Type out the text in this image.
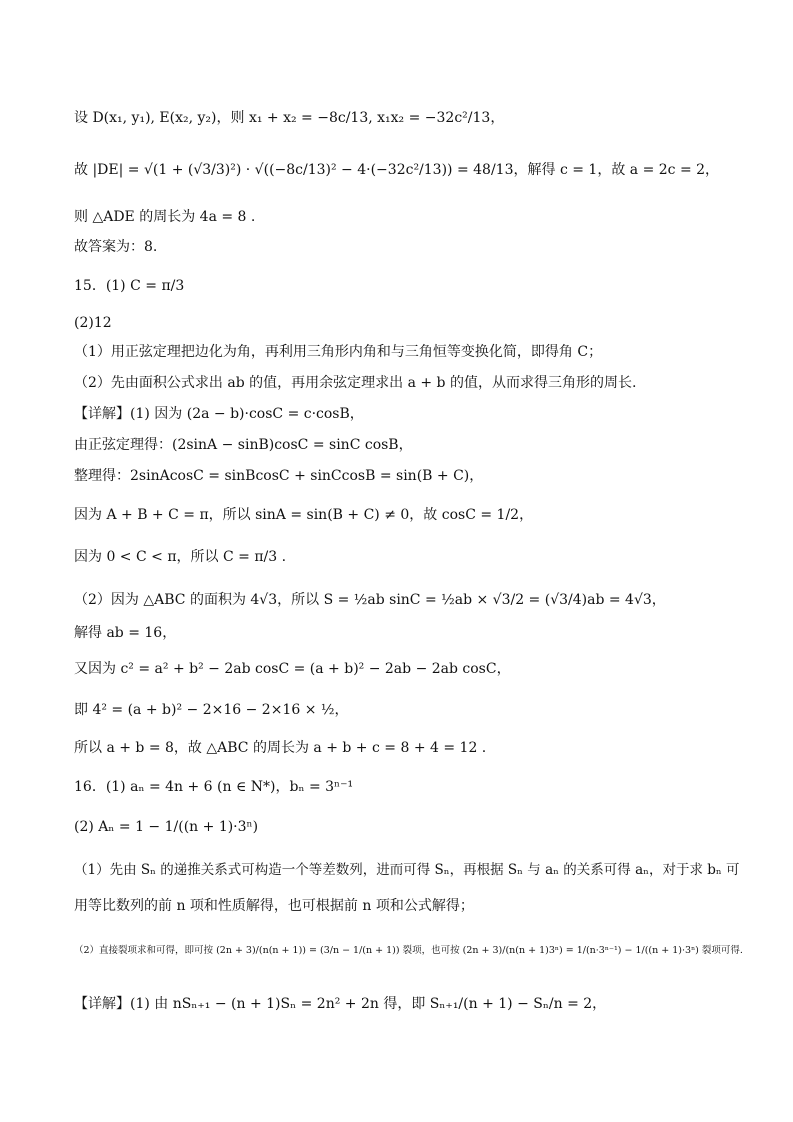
设 D(x₁, y₁), E(x₂, y₂)，则 x₁ + x₂ = −8c/13, x₁x₂ = −32c²/13，
故 |DE| = √(1 + (√3/3)²) · √((−8c/13)² − 4·(−32c²/13)) = 48/13，解得 c = 1，故 a = 2c = 2，
则 △ADE 的周长为 4a = 8 .
故答案为：8.
15．(1) C = π/3
(2)12
（1）用正弦定理把边化为角，再利用三角形内角和与三角恒等变换化简，即得角 C；
（2）先由面积公式求出 ab 的值，再用余弦定理求出 a + b 的值，从而求得三角形的周长.
【详解】(1) 因为 (2a − b)·cosC = c·cosB，
由正弦定理得：(2sinA − sinB)cosC = sinC cosB，
整理得：2sinAcosC = sinBcosC + sinCcosB = sin(B + C)，
因为 A + B + C = π，所以 sinA = sin(B + C) ≠ 0，故 cosC = 1/2，
因为 0 < C < π，所以 C = π/3 .
（2）因为 △ABC 的面积为 4√3，所以 S = ½ab sinC = ½ab × √3/2 = (√3/4)ab = 4√3，
解得 ab = 16，
又因为 c² = a² + b² − 2ab cosC = (a + b)² − 2ab − 2ab cosC，
即 4² = (a + b)² − 2×16 − 2×16 × ½，
所以 a + b = 8，故 △ABC 的周长为 a + b + c = 8 + 4 = 12 .
16．(1) aₙ = 4n + 6 (n ∈ N*)，bₙ = 3ⁿ⁻¹
(2) Aₙ = 1 − 1/((n + 1)·3ⁿ)
（1）先由 Sₙ 的递推关系式可构造一个等差数列，进而可得 Sₙ，再根据 Sₙ 与 aₙ 的关系可得 aₙ，对于求 bₙ 可
用等比数列的前 n 项和性质解得，也可根据前 n 项和公式解得；
（2）直接裂项求和可得，即可按 (2n + 3)/(n(n + 1)) = (3/n − 1/(n + 1)) 裂项，也可按 (2n + 3)/(n(n + 1)3ⁿ) = 1/(n·3ⁿ⁻¹) − 1/((n + 1)·3ⁿ) 裂项可得.
【详解】(1) 由 nSₙ₊₁ − (n + 1)Sₙ = 2n² + 2n 得，即 Sₙ₊₁/(n + 1) − Sₙ/n = 2，
